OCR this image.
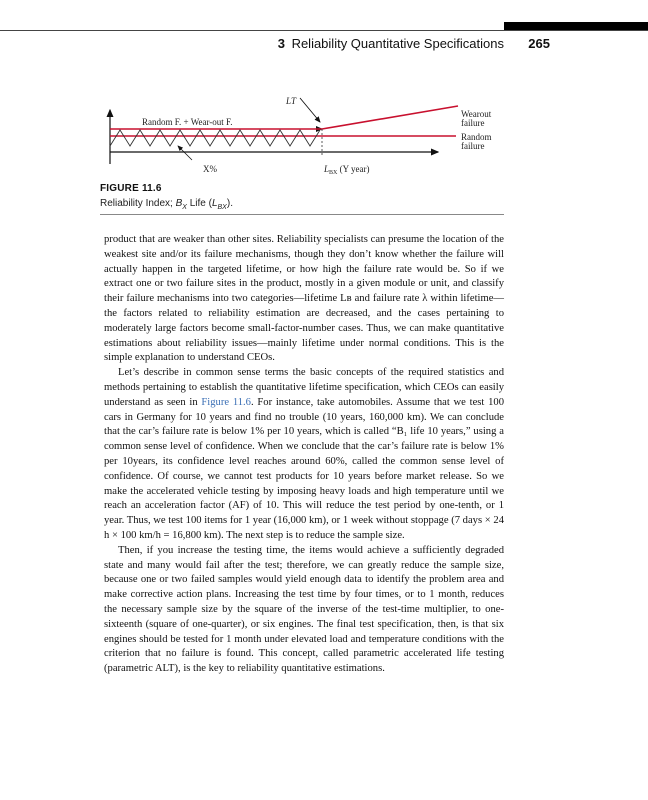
3 Reliability Quantitative Specifications 265
LΤ
Random F. + Wear-out F.
Wearout failure
Random failure
X%	$L_{BX}$ (Y year)
FIGURE 11.6
Reliability Index; $B_X$ Life $(L_{BX})$.

product that are weaker than other sites. Reliability specialists can presume the location of the weakest site and/or its failure mechanisms, though they don’t know whether the failure will actually happen in the targeted lifetime, or how high the failure rate would be. So if we extract one or two failure sites in the product, mostly in a given module or unit, and classify their failure mechanisms into two categories—lifetime Lв and failure rate λ within lifetime—the factors related to reliability estimation are decreased, and the cases pertaining to moderately large factors become small-factor-number cases. Thus, we can make quantitative estimations about reliability issues—mainly lifetime under normal conditions. This is the simple explanation to understand CEOs.

Let’s describe in common sense terms the basic concepts of the required statistics and methods pertaining to establish the quantitative lifetime specification, which CEOs can easily understand as seen in Figure 11.6. For instance, take automobiles. Assume that we test 100 cars in Germany for 10 years and find no trouble (10 years, 160,000 km). We can conclude that the car’s failure rate is below 1% per 10 years, which is called “B₁ life 10 years,” using a common sense level of confidence. When we conclude that the car’s failure rate is below 1% per 10years, its confidence level reaches around 60%, called the common sense level of confidence. Of course, we cannot test products for 10 years before market release. So we make the accelerated vehicle testing by imposing heavy loads and high temperature until we reach an acceleration factor (AF) of 10. This will reduce the test period by one-tenth, or 1 year. Thus, we test 100 items for 1 year (16,000 km), or 1 week without stoppage (7 days × 24 h × 100 km/h = 16,800 km). The next step is to reduce the sample size.

Then, if you increase the testing time, the items would achieve a sufficiently degraded state and many would fail after the test; therefore, we can greatly reduce the sample size, because one or two failed samples would yield enough data to identify the problem area and make corrective action plans. Increasing the test time by four times, or to 1 month, reduces the necessary sample size by the square of the inverse of the test-time multiplier, to one-sixteenth (square of one-quarter), or six engines. The final test specification, then, is that six engines should be tested for 1 month under elevated load and temperature conditions with the criterion that no failure is found. This concept, called parametric accelerated life testing (parametric ALT), is the key to reliability quantitative estimations.
